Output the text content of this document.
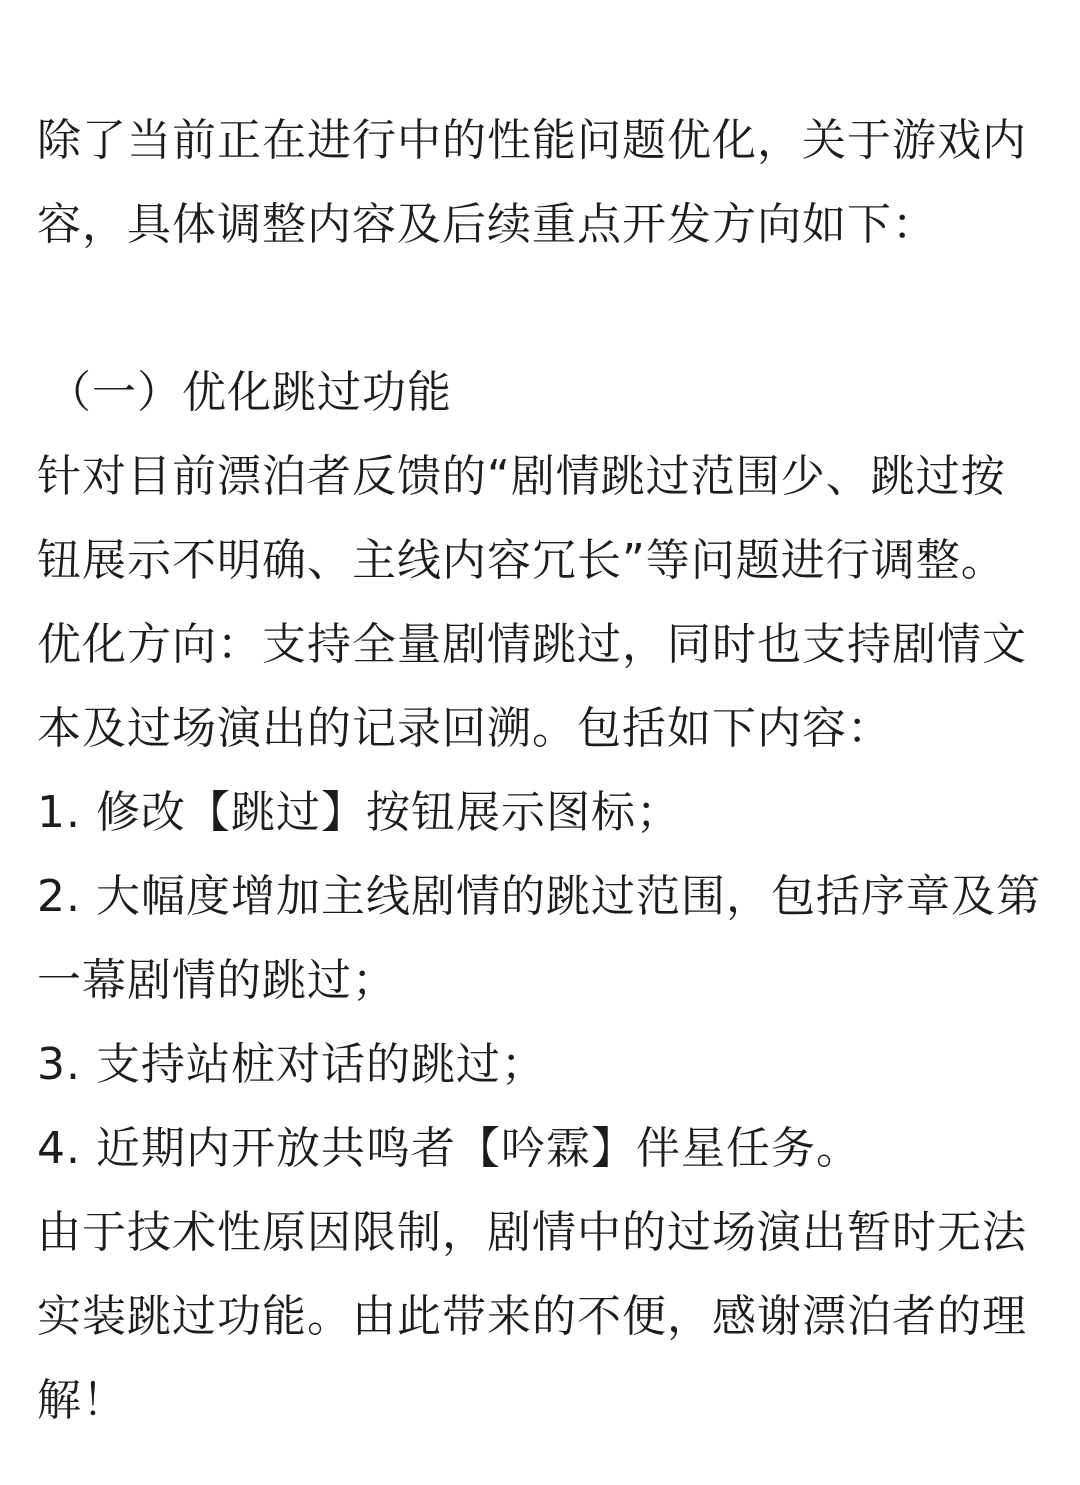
除了当前正在进行中的性能问题优化，关于游戏内容，具体调整内容及后续重点开发方向如下：

（一）优化跳过功能

针对目前漂泊者反馈的“剧情跳过范围少、跳过按钮展示不明确、主线内容冗长”等问题进行调整。

优化方向：支持全量剧情跳过，同时也支持剧情文本及过场演出的记录回溯。包括如下内容：

1. 修改【跳过】按钮展示图标；

2. 大幅度增加主线剧情的跳过范围，包括序章及第一幕剧情的跳过；

3. 支持站桩对话的跳过；

4. 近期内开放共鸣者【吟霖】伴星任务。

由于技术性原因限制，剧情中的过场演出暂时无法实装跳过功能。由此带来的不便，感谢漂泊者的理解！
